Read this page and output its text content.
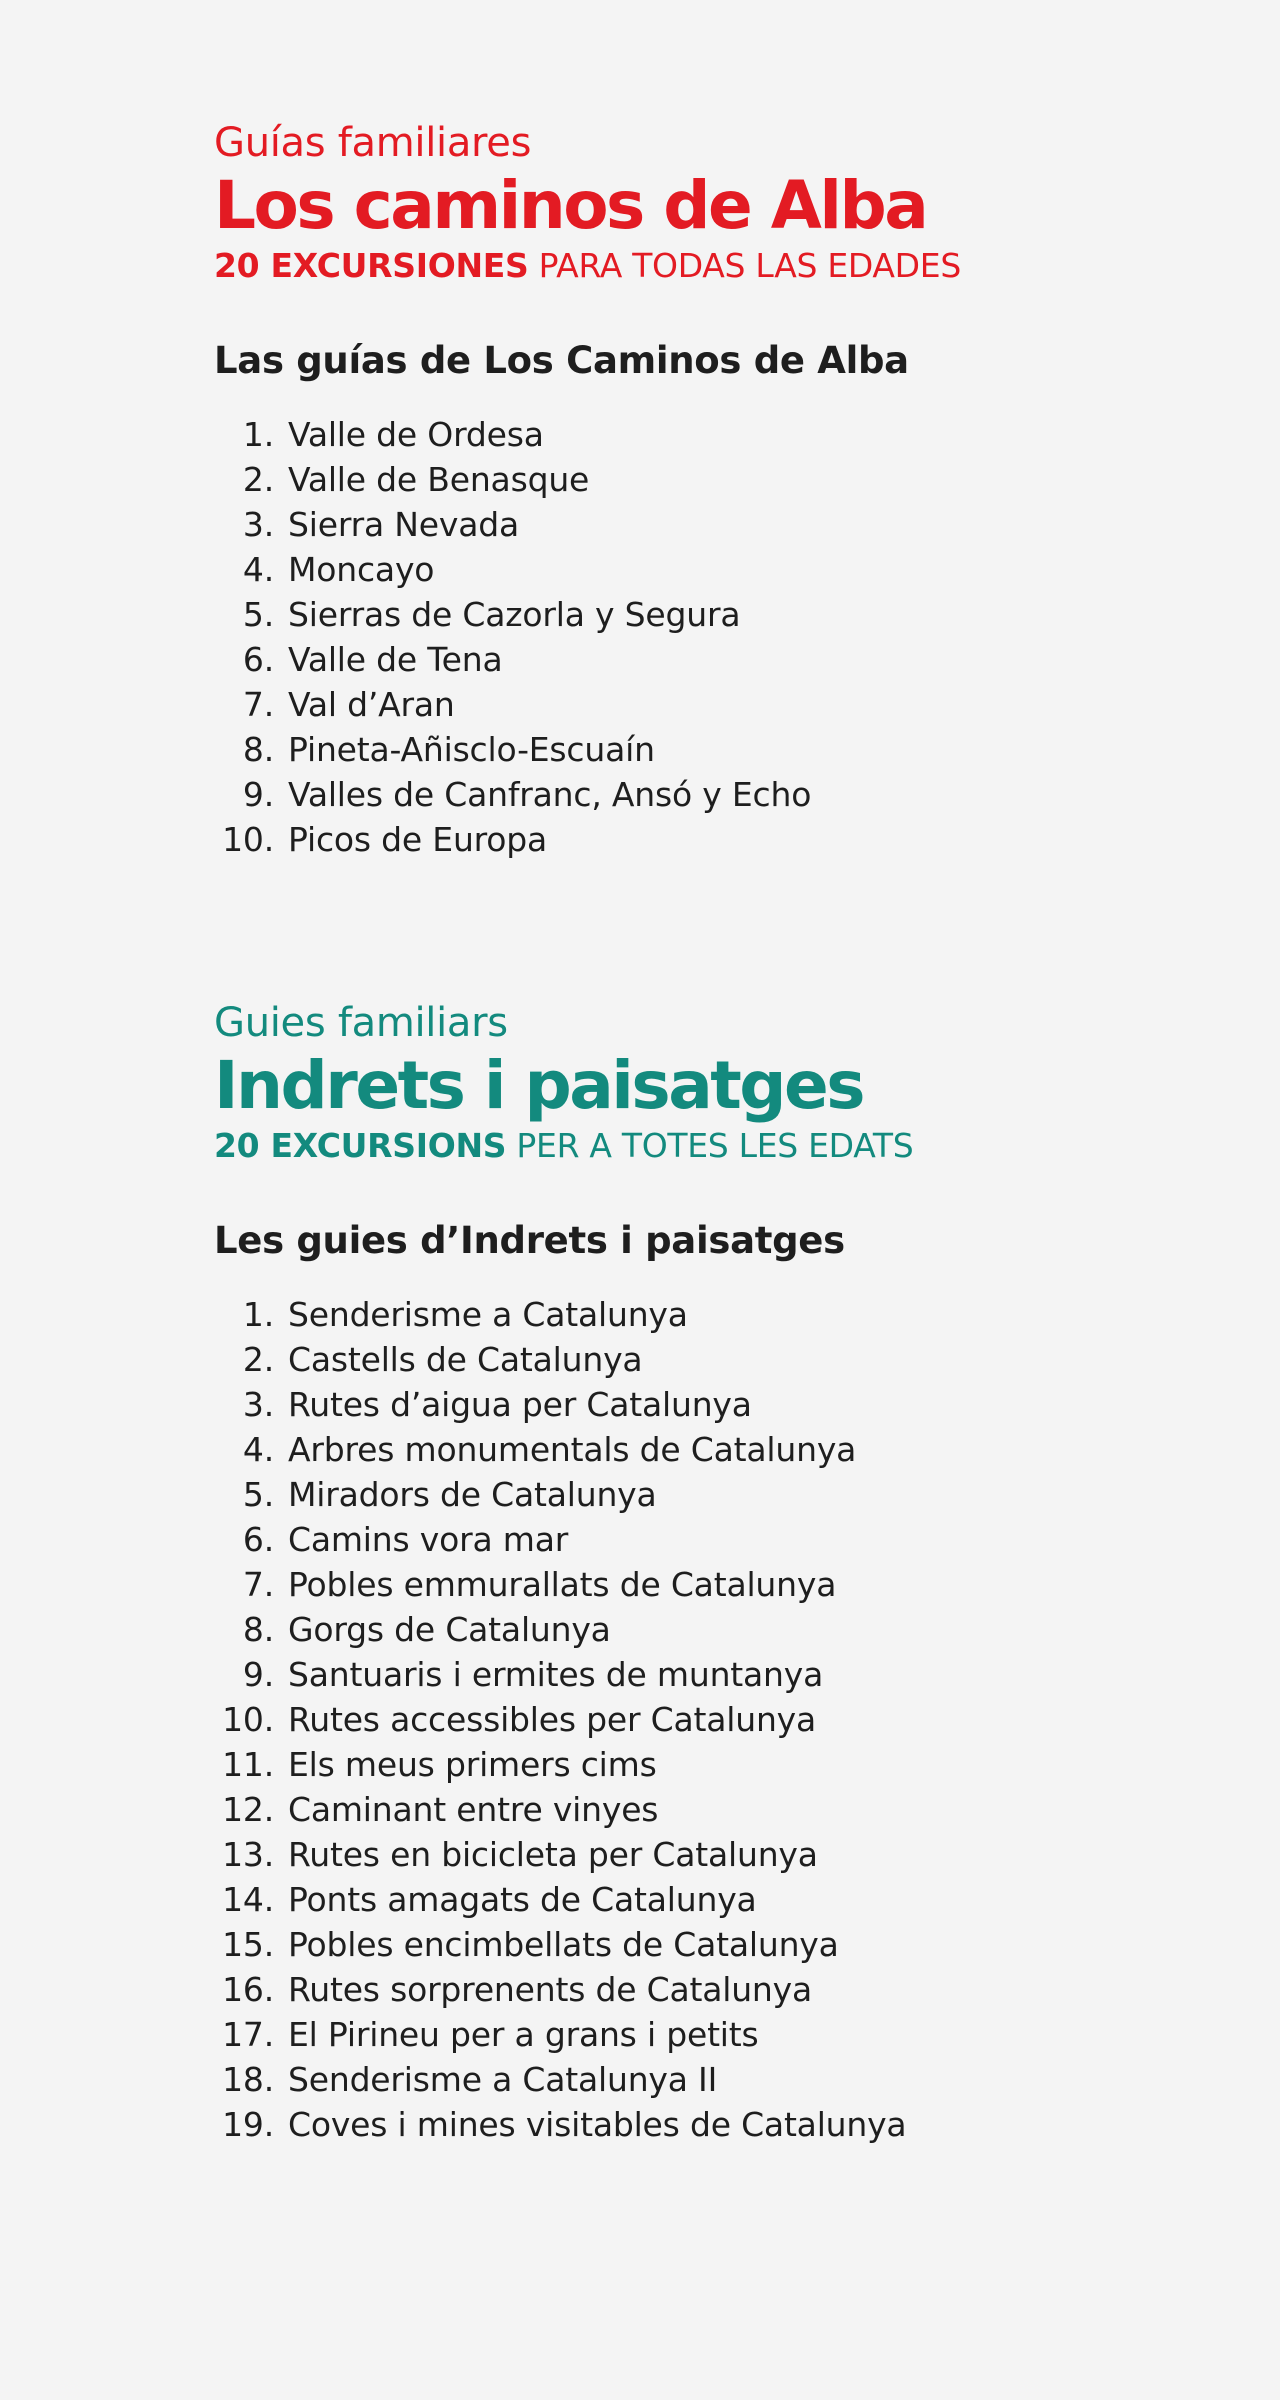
Guías familiares

Los caminos de Alba

20 EXCURSIONES PARA TODAS LAS EDADES

Las guías de Los Caminos de Alba
1. Valle de Ordesa
2. Valle de Benasque
3. Sierra Nevada
4. Moncayo
5. Sierras de Cazorla y Segura
6. Valle de Tena
7. Val d’Aran
8. Pineta-Añisclo-Escuaín
9. Valles de Canfranc, Ansó y Echo
10. Picos de Europa

Guies familiars

Indrets i paisatges

20 EXCURSIONS PER A TOTES LES EDATS

Les guies d’Indrets i paisatges
1. Senderisme a Catalunya
2. Castells de Catalunya
3. Rutes d’aigua per Catalunya
4. Arbres monumentals de Catalunya
5. Miradors de Catalunya
6. Camins vora mar
7. Pobles emmurallats de Catalunya
8. Gorgs de Catalunya
9. Santuaris i ermites de muntanya
10. Rutes accessibles per Catalunya
11. Els meus primers cims
12. Caminant entre vinyes
13. Rutes en bicicleta per Catalunya
14. Ponts amagats de Catalunya
15. Pobles encimbellats de Catalunya
16. Rutes sorprenents de Catalunya
17. El Pirineu per a grans i petits
18. Senderisme a Catalunya II
19. Coves i mines visitables de Catalunya
